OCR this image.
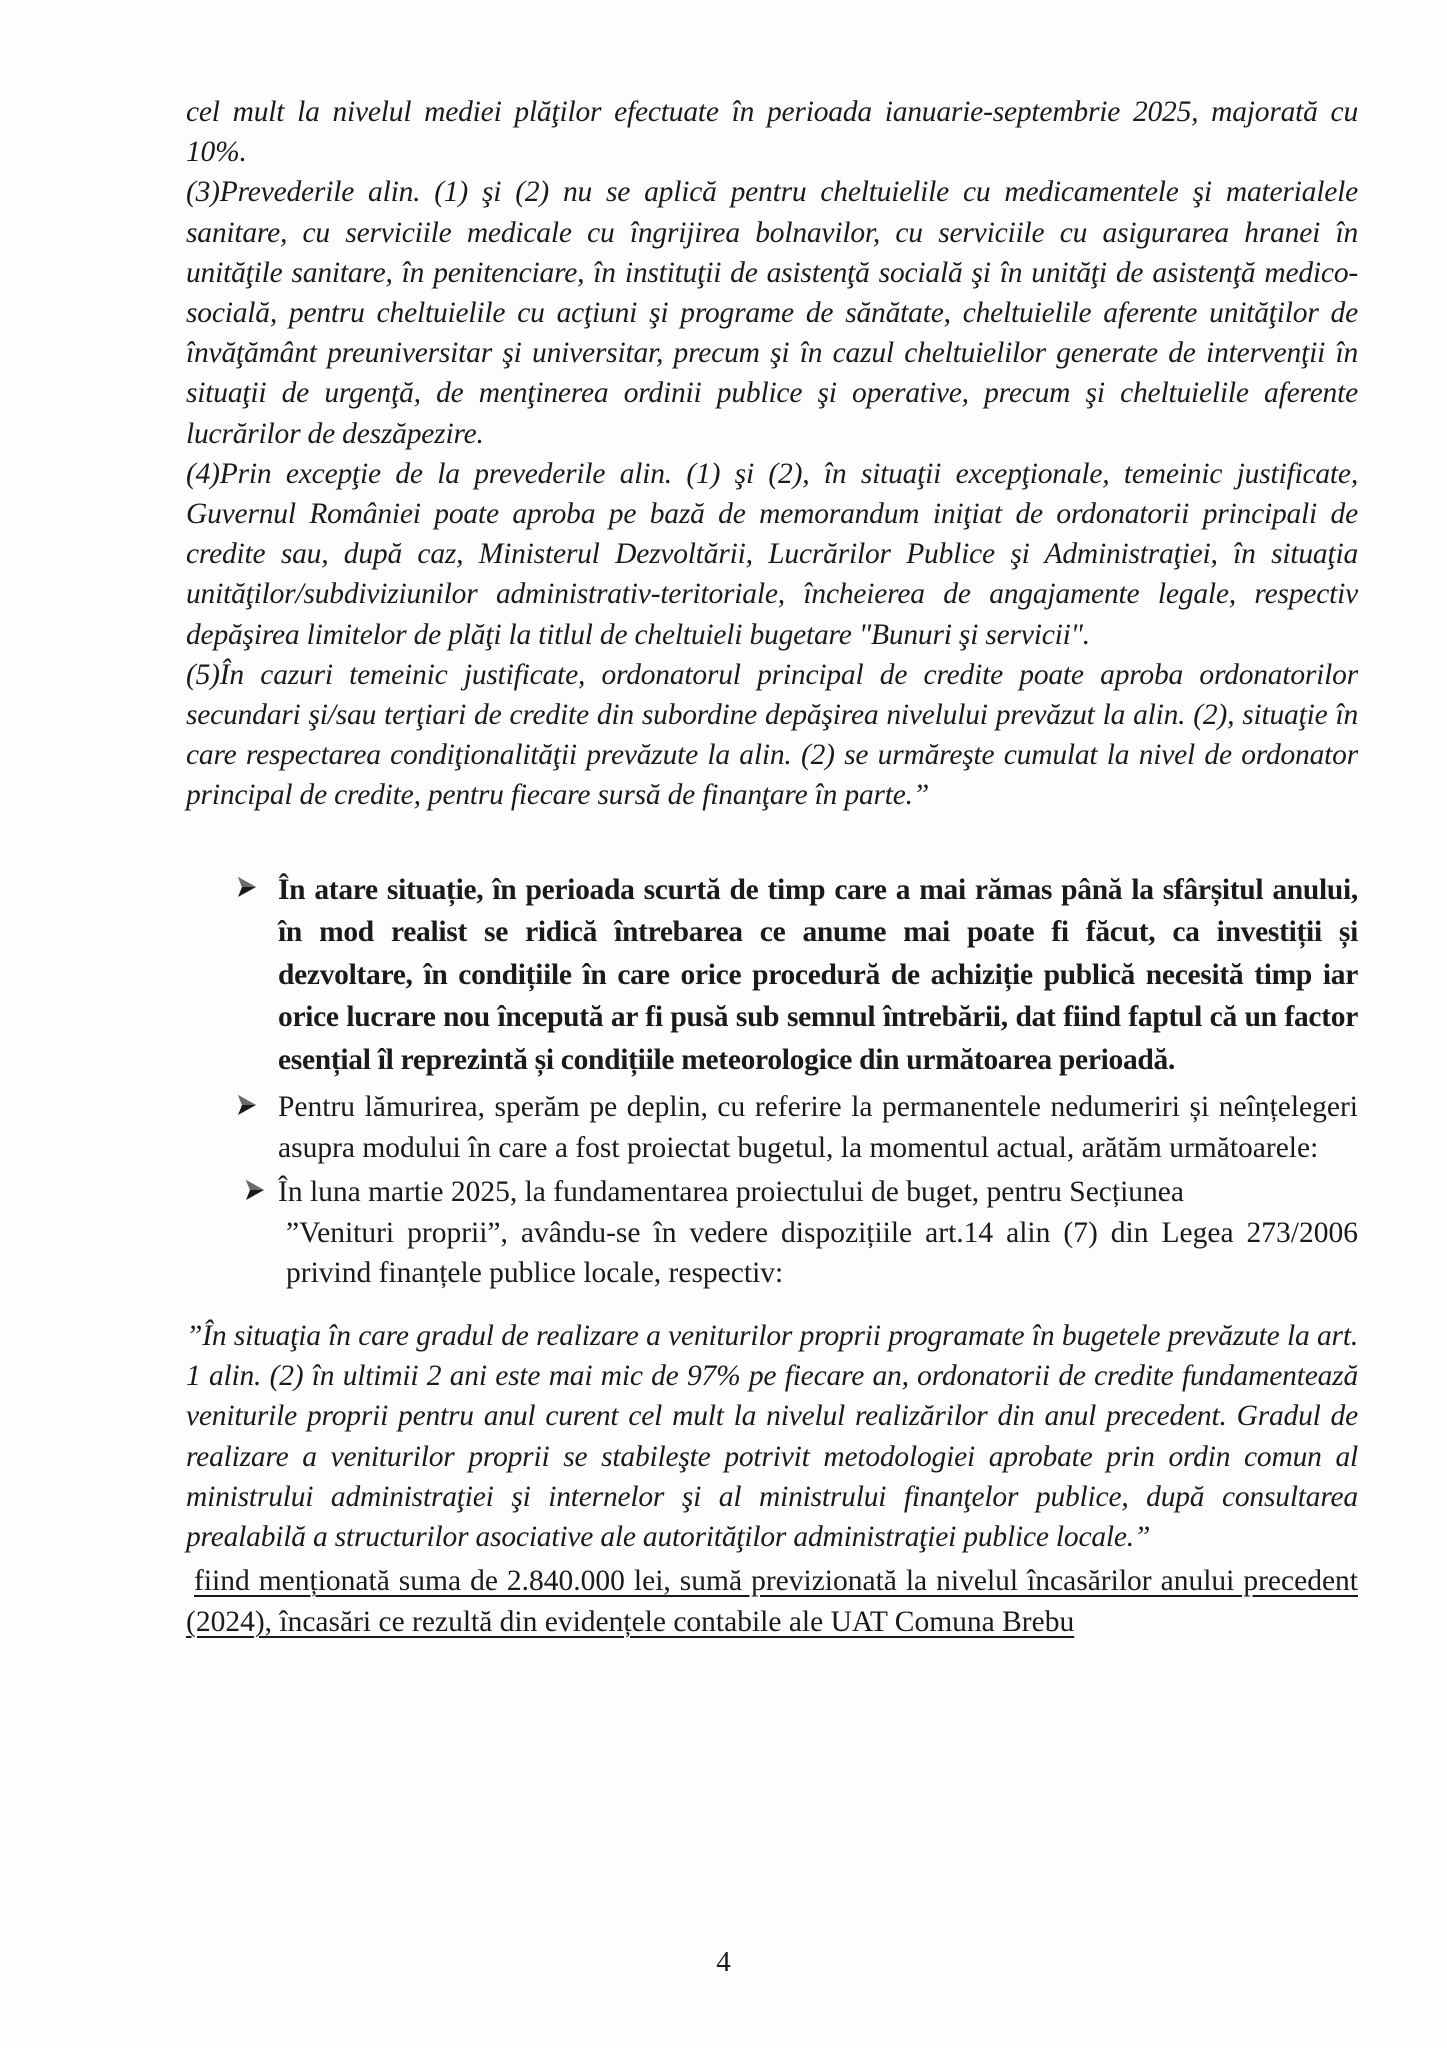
cel mult la nivelul mediei plăţilor efectuate în perioada ianuarie-septembrie 2025, majorată cu 10%.

(3)Prevederile alin. (1) şi (2) nu se aplică pentru cheltuielile cu medicamentele şi materialele sanitare, cu serviciile medicale cu îngrijirea bolnavilor, cu serviciile cu asigurarea hranei în unităţile sanitare, în penitenciare, în instituţii de asistenţă socială şi în unităţi de asistenţă medico-socială, pentru cheltuielile cu acţiuni şi programe de sănătate, cheltuielile aferente unităţilor de învăţământ preuniversitar şi universitar, precum şi în cazul cheltuielilor generate de intervenţii în situaţii de urgenţă, de menţinerea ordinii publice şi operative, precum şi cheltuielile aferente lucrărilor de deszăpezire.

(4)Prin excepţie de la prevederile alin. (1) şi (2), în situaţii excepţionale, temeinic justificate, Guvernul României poate aproba pe bază de memorandum iniţiat de ordonatorii principali de credite sau, după caz, Ministerul Dezvoltării, Lucrărilor Publice şi Administraţiei, în situaţia unităţilor/subdiviziunilor administrativ-teritoriale, încheierea de angajamente legale, respectiv depăşirea limitelor de plăţi la titlul de cheltuieli bugetare "Bunuri şi servicii".

(5)În cazuri temeinic justificate, ordonatorul principal de credite poate aproba ordonatorilor secundari şi/sau terţiari de credite din subordine depăşirea nivelului prevăzut la alin. (2), situaţie în care respectarea condiţionalităţii prevăzute la alin. (2) se urmăreşte cumulat la nivel de ordonator principal de credite, pentru fiecare sursă de finanţare în parte.”

În atare situație, în perioada scurtă de timp care a mai rămas până la sfârșitul anului, în mod realist se ridică întrebarea ce anume mai poate fi făcut, ca investiții și dezvoltare, în condițiile în care orice procedură de achiziție publică necesită timp iar orice lucrare nou începută ar fi pusă sub semnul întrebării, dat fiind faptul că un factor esențial îl reprezintă și condițiile meteorologice din următoarea perioadă.
Pentru lămurirea, sperăm pe deplin, cu referire la permanentele nedumeriri și neînțelegeri asupra modului în care a fost proiectat bugetul, la momentul actual, arătăm următoarele:
În luna martie 2025, la fundamentarea proiectului de buget, pentru Secțiunea
”Venituri proprii”, avându-se în vedere dispozițiile art.14 alin (7) din Legea 273/2006 privind finanțele publice locale, respectiv:
”În situaţia în care gradul de realizare a veniturilor proprii programate în bugetele prevăzute la art. 1 alin. (2) în ultimii 2 ani este mai mic de 97% pe fiecare an, ordonatorii de credite fundamentează veniturile proprii pentru anul curent cel mult la nivelul realizărilor din anul precedent. Gradul de realizare a veniturilor proprii se stabileşte potrivit metodologiei aprobate prin ordin comun al ministrului administraţiei şi internelor şi al ministrului finanţelor publice, după consultarea prealabilă a structurilor asociative ale autorităţilor administraţiei publice locale.”
fiind menționată suma de 2.840.000 lei, sumă previzionată la nivelul încasărilor anului precedent (2024), încasări ce rezultă din evidențele contabile ale UAT Comuna Brebu
4
